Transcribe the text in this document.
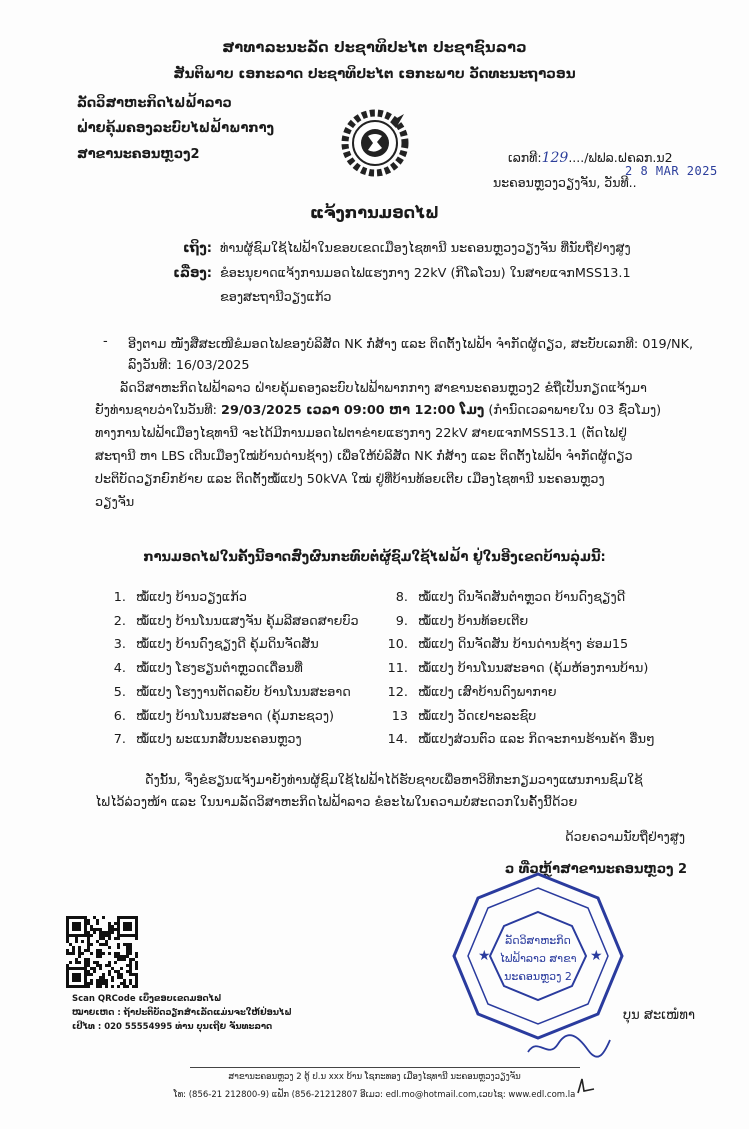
ສາທາລະນະລັດ ປະຊາທິປະໄຕ ປະຊາຊົນລາວ
ສັນຕິພາບ ເອກະລາດ ປະຊາທິປະໄຕ ເອກະພາບ ວັດທະນະຖາວອນ
ລັດວິສາຫະກິດໄຟຟ້າລາວ
ຝ່າຍຄຸ້ມຄອງລະບົບໄຟຟ້າພາກາງ
ສາຂານະຄອນຫຼວງ2	ເລກທີ:129..../ຟຟລ.ຝຄລກ.ນ2
2 8 MAR 2025
ນະຄອນຫຼວງວຽງຈັນ, ວັນທີ..
ແຈ້ງການມອດໄຟ
ເຖິງ: ທ່ານຜູ້ຊົມໃຊ້ໄຟຟ້າໃນຂອບເຂດເມືອງໄຊທານີ ນະຄອນຫຼວງວຽງຈັນ ທີ່ນັບຖືຢ່າງສູງ
ເລື່ອງ: ຂໍອະນຸຍາດແຈ້ງການມອດໄຟແຮງກາງ 22kV (ກິໂລໂວນ) ໃນສາຍແຈກMSS13.1
ຂອງສະຖານີວຽງແກ້ວ
- ອີງຕາມ ໜັງສືສະເໜີຂໍມອດໄຟຂອງບໍລິສັດ NK ກໍ່ສ້າງ ແລະ ຕິດຕັ້ງໄຟຟ້າ ຈຳກັດຜູ້ດຽວ, ສະບັບເລກທີ: 019/NK, ລົງວັນທີ: 16/03/2025
ລັດວິສາຫະກິດໄຟຟ້າລາວ ຝ່າຍຄຸ້ມຄອງລະບົບໄຟຟ້າພາກກາງ ສາຂານະຄອນຫຼວງ2 ຂໍຖືເປັນກຽດແຈ້ງມາ
ຍັງທ່ານຊາບວ່າໃນວັນທີ: 29/03/2025 ເວລາ 09:00 ຫາ 12:00 ໂມງ (ກຳນົດເວລາພາຍໃນ 03 ຊົ່ວໂມງ)
ທາງການໄຟຟ້າເມືອງໄຊທານີ ຈະໄດ້ມີການມອດໄຟຕາຂ່າຍແຮງກາງ 22kV ສາຍແຈກMSS13.1 (ຕັດໄຟຢູ່
ສະຖານີ ຫາ LBS ເດີນເມືອງໃໝ່ບ້ານດ່ານຊ້າງ) ເພື່ອໃຫ້ບໍລິສັດ NK ກໍ່ສ້າງ ແລະ ຕິດຕັ້ງໄຟຟ້າ ຈຳກັດຜູ້ດຽວ
ປະຕິບັດວຽກຍົກຍ້າຍ ແລະ ຕິດຕັ້ງໝໍ້ແປງ 50kVA ໃໝ່ ຢູ່ທີ່ບ້ານທ້ອຍເຕີຍ ເມືອງໄຊທານີ ນະຄອນຫຼວງ
ວຽງຈັນ
ການມອດໄຟໃນຄັ້ງນີ້ອາດສົ່ງຜົນກະທົບຕໍ່ຜູ້ຊົມໃຊ້ໄຟຟ້າ ຢູ່ໃນອີງເຂດບ້ານລຸ່ມນີ້:
1. ໝໍ້ແປງ ບ້ານວຽງແກ້ວ
2. ໝໍ້ແປງ ບ້ານໂນນແສງຈັນ ຄຸ້ມລີສອດສາຍບົວ
3. ໝໍ້ແປງ ບ້ານດົງຊຽງດີ ຄຸ້ມດິນຈັດສັນ
4. ໝໍ້ແປງ ໂຮງຮຽນຕຳຫຼວດເດື່ອນທີ່
5. ໝໍ້ແປງ ໂຮງງານຕັດລຍັບ ບ້ານໂນນສະອາດ
6. ໝໍ້ແປງ ບ້ານໂນນສະອາດ (ຄຸ້ມກະຊວງ)
7. ໝໍ້ແປງ ພະແນກສັບນະຄອນຫຼວງ
8. ໝໍ້ແປງ ດິນຈັດສັນຕຳຫຼວດ ບ້ານດົງຊຽງດີ
9. ໝໍ້ແປງ ບ້ານທ້ອຍເຕີຍ
10. ໝໍ້ແປງ ດິນຈັດສັນ ບ້ານດ່ານຊ້າງ ຮ່ອມ15
11. ໝໍ້ແປງ ບ້ານໂນນສະອາດ (ຄຸ້ມຫ້ອງການບ້ານ)
12. ໝໍ້ແປງ ເສົາບ້ານດົງພາກາຍ
13 ໝໍ້ແປງ ວັດເຢາະລະຊົບ
14. ໝໍ້ແປງສ່ວນຕົວ ແລະ ກິດຈະການຮ້ານຄ້າ ອື່ນໆ
ດັ່ງນັ້ນ, ຈຶ່ງຂໍຮຽນແຈ້ງມາຍັງທ່ານຜູ້ຊົມໃຊ້ໄຟຟ້າໄດ້ຮັບຊາບເພື່ອຫາວິທີກະກຽມວາງແຜນການຊົມໃຊ້
ໄຟໄວ້ລ່ວງໜ້າ ແລະ ໃນນາມລັດວິສາຫະກິດໄຟຟ້າລາວ ຂໍອະໄພໃນຄວາມບໍ່ສະດວກໃນຄັ້ງນີ້ດ້ວຍ
ດ້ວຍຄວາມນັບຖືຢ່າງສູງ
ວ ທີ່ວຫຼ້າສາຂານະຄອນຫຼວງ 2
Scan QRCode ເບິ່ງຂອບເຂດມອດໄຟ
ໝາຍເຫດ : ຖ້າປະຕິບັດວຽກສຳເລັດແມ່ນຈະໃຫ້ຢ່ອນໄຟ
ເປີໄທ : 020 55554995 ທ່ານ ບຸນເຖີຍ ຈັນທະລາດ
★	★
ລັດວິສາຫະກິດ
ໄຟຟ້າລາວ ສາຂາ
ນະຄອນຫຼວງ 2
ບຸນ ສະເໜໍທາ
ສາຂານະຄອນຫຼວງ 2 ຕູ້ ປ.ນ xxx ບ້ານ ໂຊກະທອງ ເມືອງໄຊທານີ ນະຄອນຫຼວງວຽງຈັນ
ໂທ: (856-21 212800-9) ແຟັກ (856-21212807 ອີເມວ: edl.mo@hotmail.com,ເວບໄຊ: www.edl.com.la
